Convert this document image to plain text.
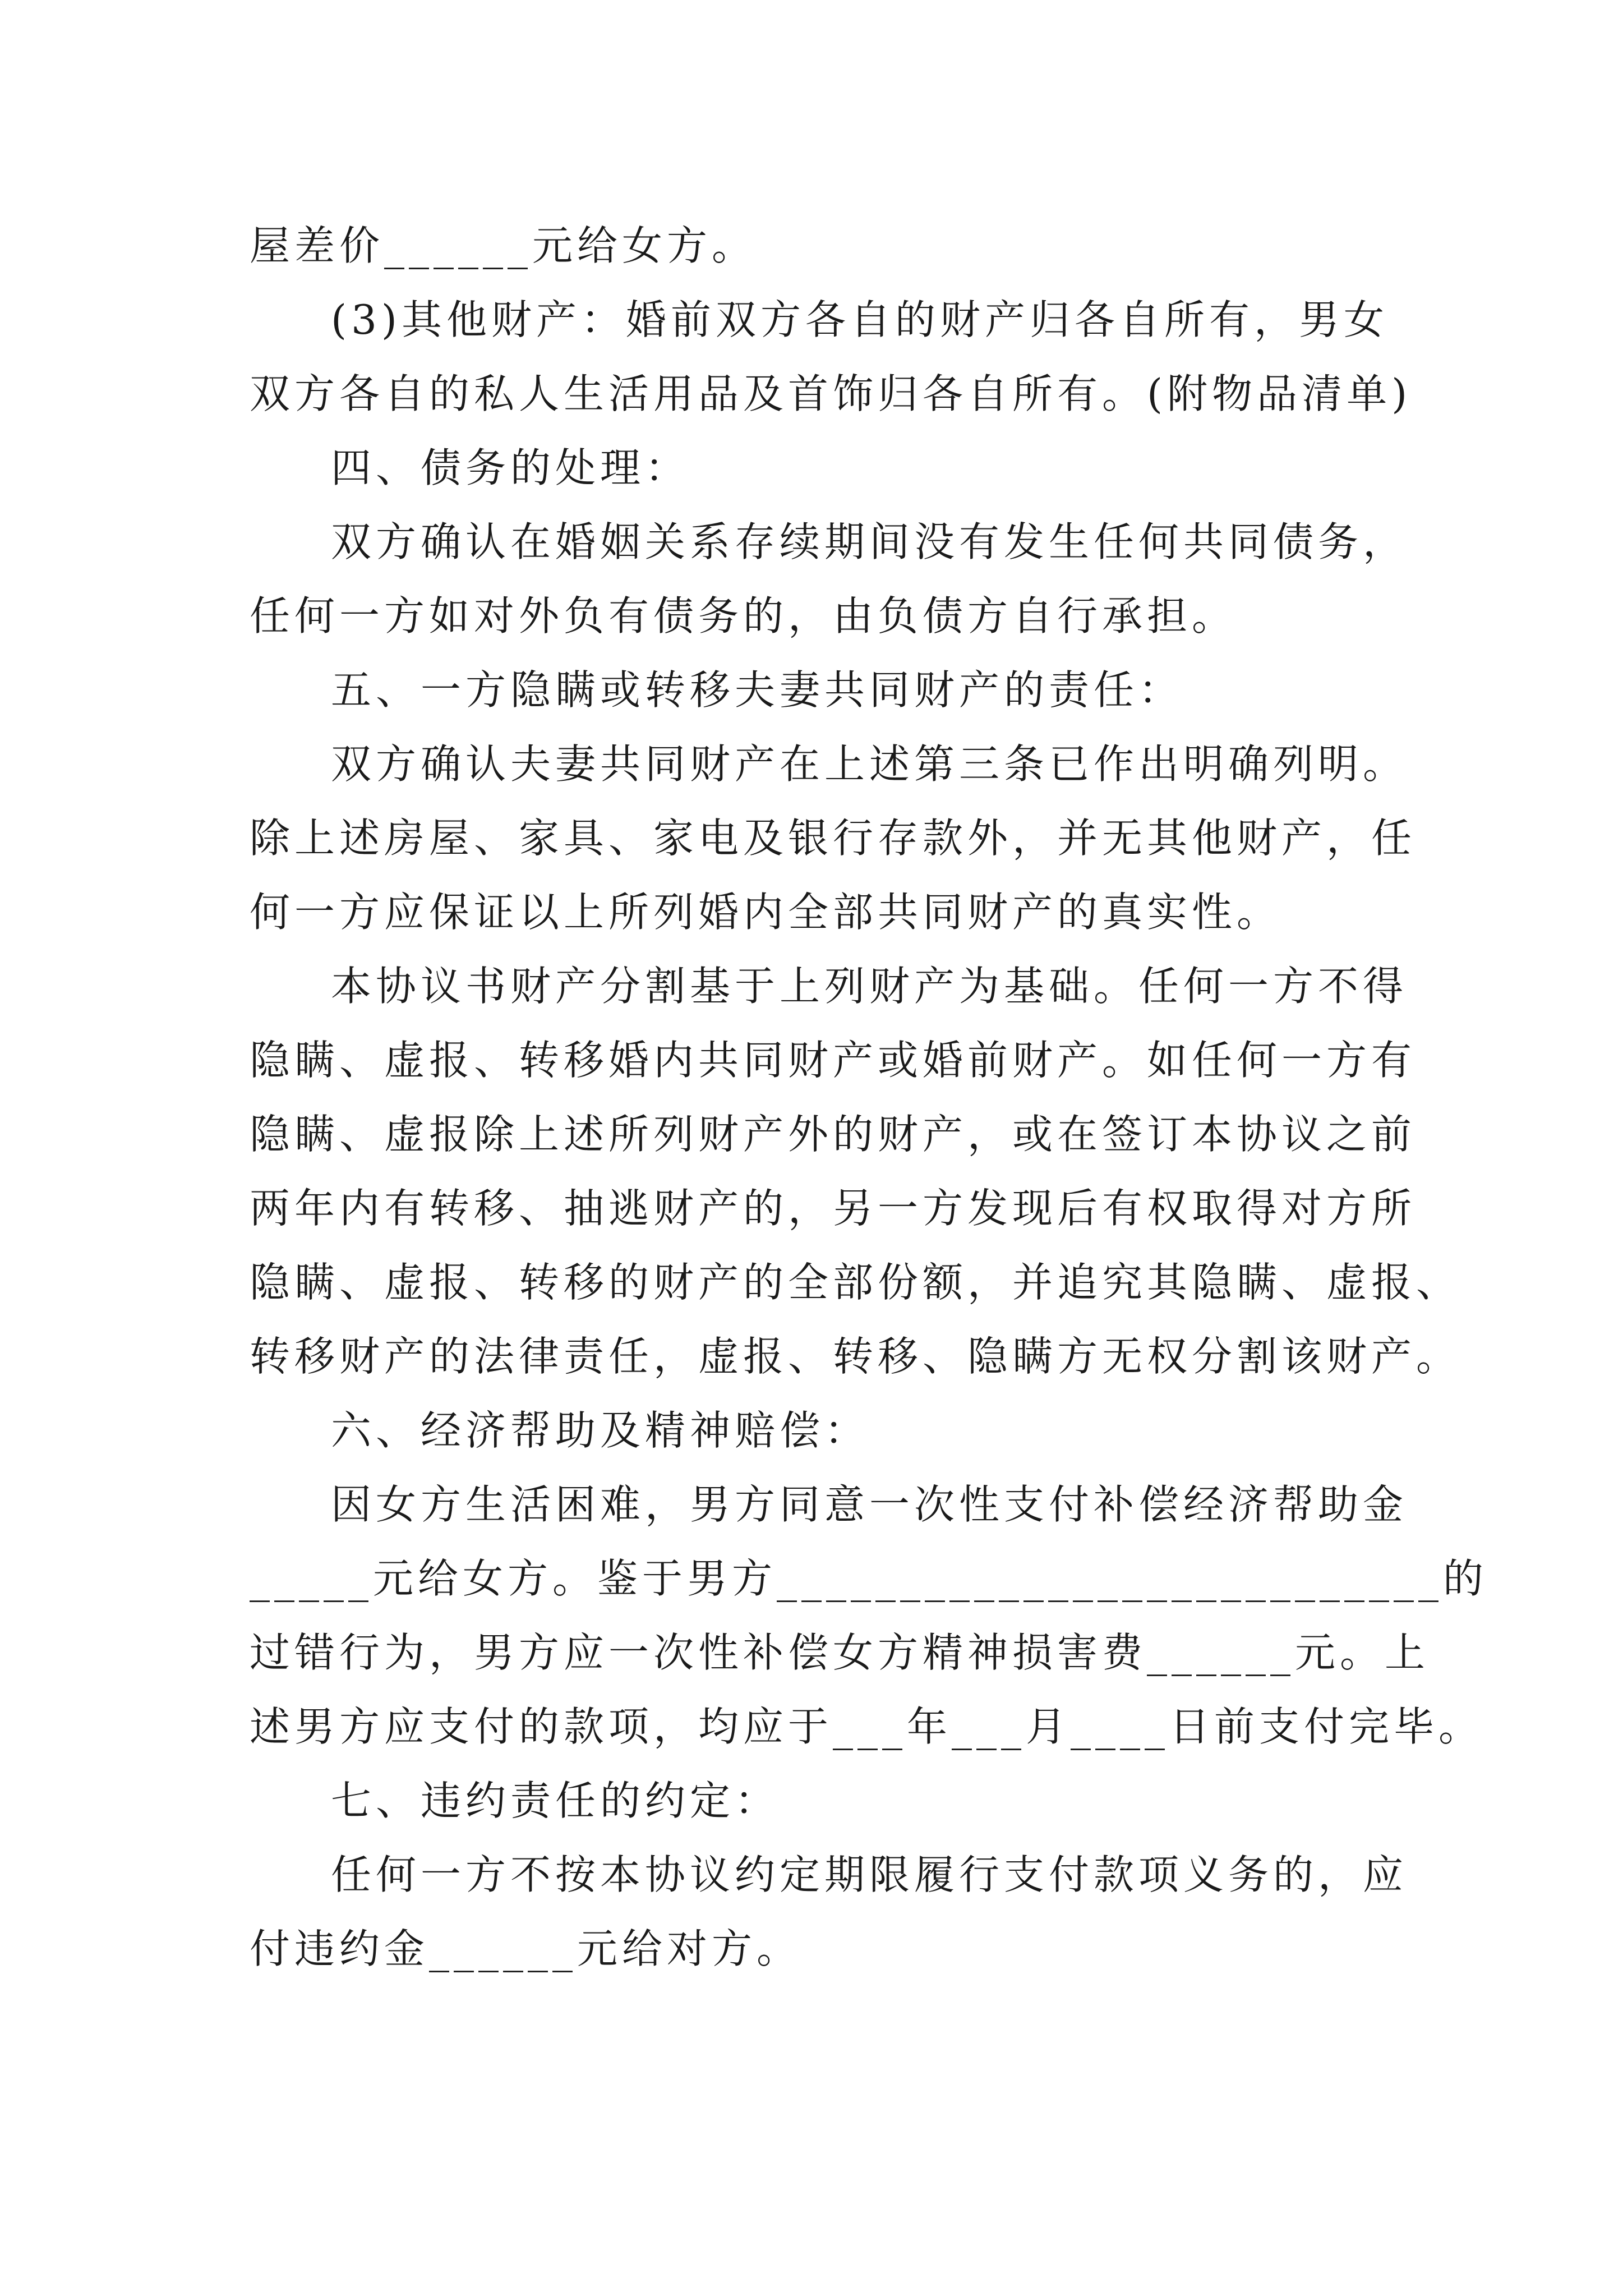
屋差价______元给女方。
(3)其他财产：婚前双方各自的财产归各自所有，男女
双方各自的私人生活用品及首饰归各自所有。(附物品清单)
四、债务的处理：
双方确认在婚姻关系存续期间没有发生任何共同债务，
任何一方如对外负有债务的，由负债方自行承担。
五、一方隐瞒或转移夫妻共同财产的责任：
双方确认夫妻共同财产在上述第三条已作出明确列明。
除上述房屋、家具、家电及银行存款外，并无其他财产，任
何一方应保证以上所列婚内全部共同财产的真实性。
本协议书财产分割基于上列财产为基础。任何一方不得
隐瞒、虚报、转移婚内共同财产或婚前财产。如任何一方有
隐瞒、虚报除上述所列财产外的财产，或在签订本协议之前
两年内有转移、抽逃财产的，另一方发现后有权取得对方所
隐瞒、虚报、转移的财产的全部份额，并追究其隐瞒、虚报、
转移财产的法律责任，虚报、转移、隐瞒方无权分割该财产。
六、经济帮助及精神赔偿：
因女方生活困难，男方同意一次性支付补偿经济帮助金
_____元给女方。鉴于男方___________________________的
过错行为，男方应一次性补偿女方精神损害费______元。上
述男方应支付的款项，均应于___年___月____日前支付完毕。
七、违约责任的约定：
任何一方不按本协议约定期限履行支付款项义务的，应
付违约金______元给对方。
